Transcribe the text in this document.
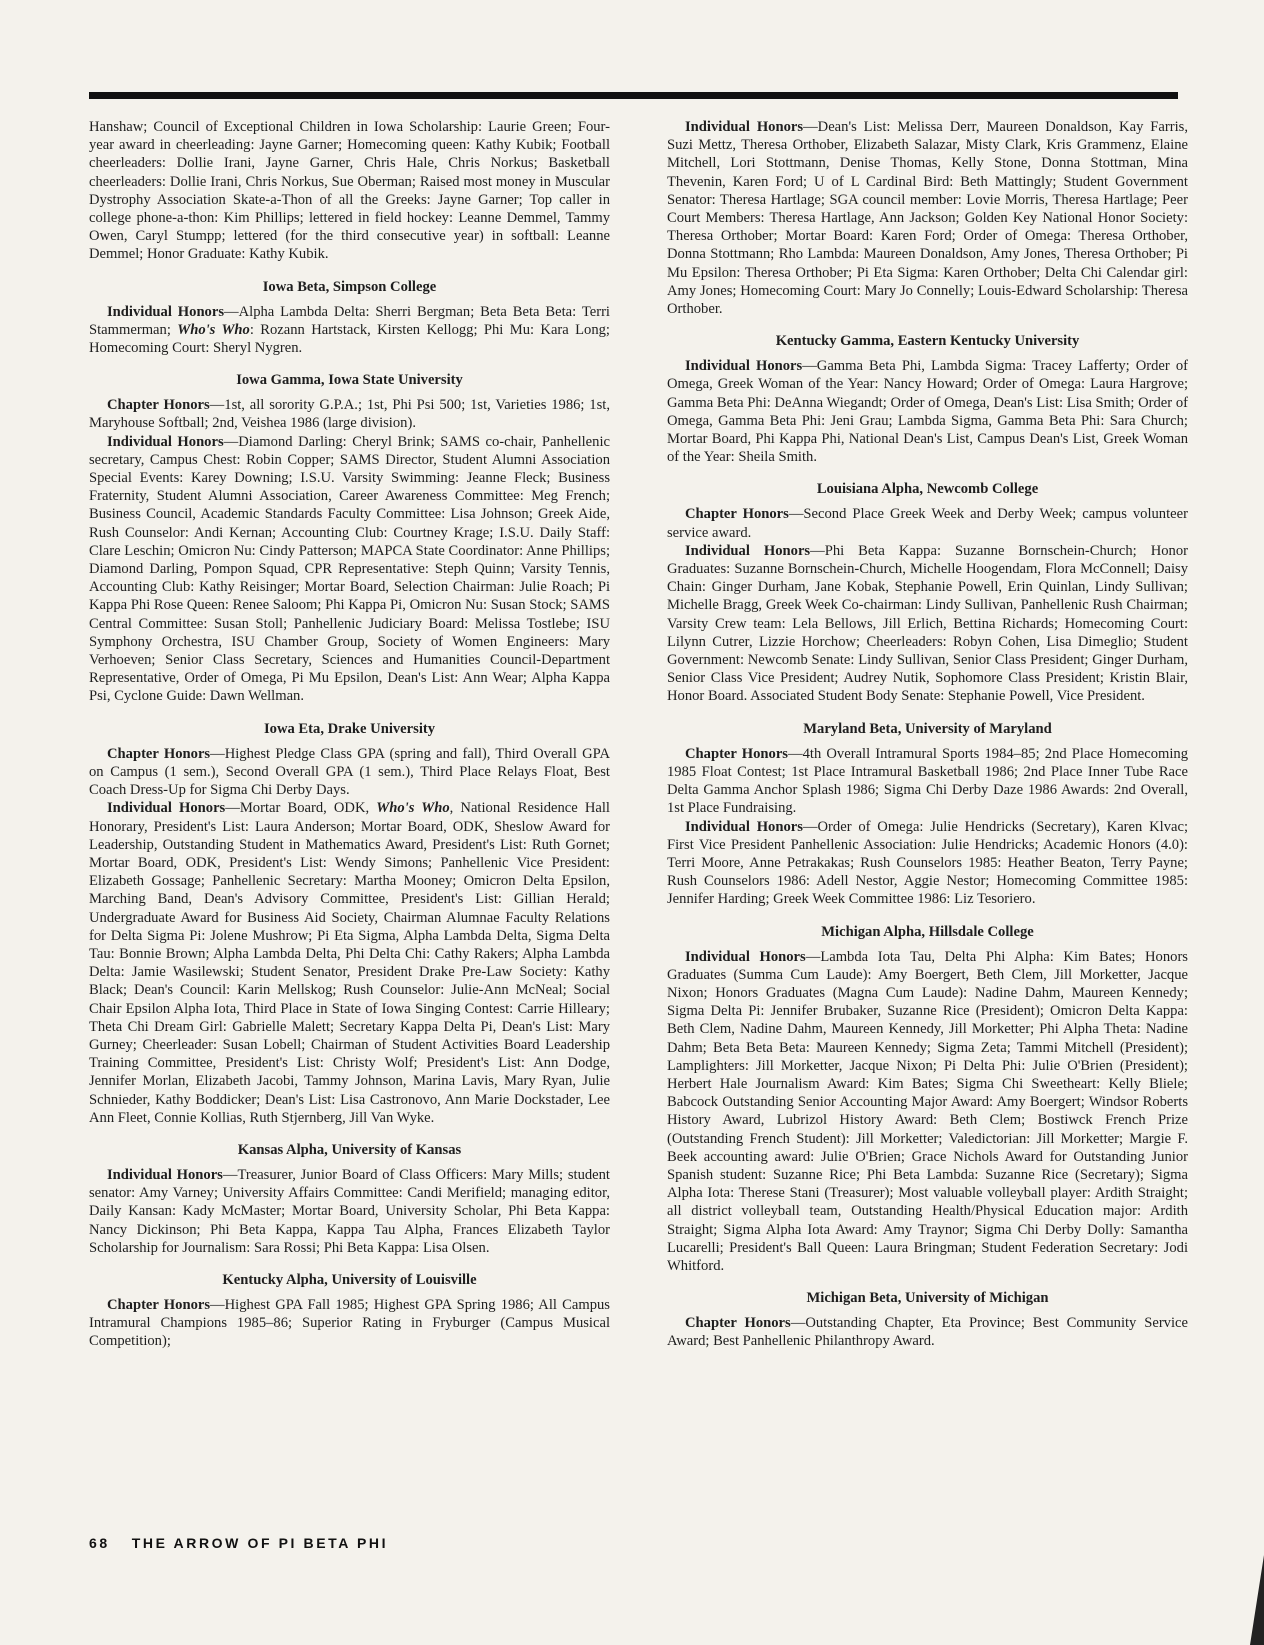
Hanshaw; Council of Exceptional Children in Iowa Scholarship: Laurie Green; Four-year award in cheerleading: Jayne Garner; Homecoming queen: Kathy Kubik; Football cheerleaders: Dollie Irani, Jayne Garner, Chris Hale, Chris Norkus; Basketball cheerleaders: Dollie Irani, Chris Norkus, Sue Oberman; Raised most money in Muscular Dystrophy Association Skate-a-Thon of all the Greeks: Jayne Garner; Top caller in college phone-a-thon: Kim Phillips; lettered in field hockey: Leanne Demmel, Tammy Owen, Caryl Stumpp; lettered (for the third consecutive year) in softball: Leanne Demmel; Honor Graduate: Kathy Kubik.

Iowa Beta, Simpson College

Individual Honors—Alpha Lambda Delta: Sherri Bergman; Beta Beta Beta: Terri Stammerman; Who's Who: Rozann Hartstack, Kirsten Kellogg; Phi Mu: Kara Long; Homecoming Court: Sheryl Nygren.

Iowa Gamma, Iowa State University

Chapter Honors—1st, all sorority G.P.A.; 1st, Phi Psi 500; 1st, Varieties 1986; 1st, Maryhouse Softball; 2nd, Veishea 1986 (large division).

Individual Honors—Diamond Darling: Cheryl Brink; SAMS co-chair, Panhellenic secretary, Campus Chest: Robin Copper; SAMS Director, Student Alumni Association Special Events: Karey Downing; I.S.U. Varsity Swimming: Jeanne Fleck; Business Fraternity, Student Alumni Association, Career Awareness Committee: Meg French; Business Council, Academic Standards Faculty Committee: Lisa Johnson; Greek Aide, Rush Counselor: Andi Kernan; Accounting Club: Courtney Krage; I.S.U. Daily Staff: Clare Leschin; Omicron Nu: Cindy Patterson; MAPCA State Coordinator: Anne Phillips; Diamond Darling, Pompon Squad, CPR Representative: Steph Quinn; Varsity Tennis, Accounting Club: Kathy Reisinger; Mortar Board, Selection Chairman: Julie Roach; Pi Kappa Phi Rose Queen: Renee Saloom; Phi Kappa Pi, Omicron Nu: Susan Stock; SAMS Central Committee: Susan Stoll; Panhellenic Judiciary Board: Melissa Tostlebe; ISU Symphony Orchestra, ISU Chamber Group, Society of Women Engineers: Mary Verhoeven; Senior Class Secretary, Sciences and Humanities Council-Department Representative, Order of Omega, Pi Mu Epsilon, Dean's List: Ann Wear; Alpha Kappa Psi, Cyclone Guide: Dawn Wellman.

Iowa Eta, Drake University

Chapter Honors—Highest Pledge Class GPA (spring and fall), Third Overall GPA on Campus (1 sem.), Second Overall GPA (1 sem.), Third Place Relays Float, Best Coach Dress-Up for Sigma Chi Derby Days.

Individual Honors—Mortar Board, ODK, Who's Who, National Residence Hall Honorary, President's List: Laura Anderson; Mortar Board, ODK, Sheslow Award for Leadership, Outstanding Student in Mathematics Award, President's List: Ruth Gornet; Mortar Board, ODK, President's List: Wendy Simons; Panhellenic Vice President: Elizabeth Gossage; Panhellenic Secretary: Martha Mooney; Omicron Delta Epsilon, Marching Band, Dean's Advisory Committee, President's List: Gillian Herald; Undergraduate Award for Business Aid Society, Chairman Alumnae Faculty Relations for Delta Sigma Pi: Jolene Mushrow; Pi Eta Sigma, Alpha Lambda Delta, Sigma Delta Tau: Bonnie Brown; Alpha Lambda Delta, Phi Delta Chi: Cathy Rakers; Alpha Lambda Delta: Jamie Wasilewski; Student Senator, President Drake Pre-Law Society: Kathy Black; Dean's Council: Karin Mellskog; Rush Counselor: Julie-Ann McNeal; Social Chair Epsilon Alpha Iota, Third Place in State of Iowa Singing Contest: Carrie Hilleary; Theta Chi Dream Girl: Gabrielle Malett; Secretary Kappa Delta Pi, Dean's List: Mary Gurney; Cheerleader: Susan Lobell; Chairman of Student Activities Board Leadership Training Committee, President's List: Christy Wolf; President's List: Ann Dodge, Jennifer Morlan, Elizabeth Jacobi, Tammy Johnson, Marina Lavis, Mary Ryan, Julie Schnieder, Kathy Boddicker; Dean's List: Lisa Castronovo, Ann Marie Dockstader, Lee Ann Fleet, Connie Kollias, Ruth Stjernberg, Jill Van Wyke.

Kansas Alpha, University of Kansas

Individual Honors—Treasurer, Junior Board of Class Officers: Mary Mills; student senator: Amy Varney; University Affairs Committee: Candi Merifield; managing editor, Daily Kansan: Kady McMaster; Mortar Board, University Scholar, Phi Beta Kappa: Nancy Dickinson; Phi Beta Kappa, Kappa Tau Alpha, Frances Elizabeth Taylor Scholarship for Journalism: Sara Rossi; Phi Beta Kappa: Lisa Olsen.

Kentucky Alpha, University of Louisville

Chapter Honors—Highest GPA Fall 1985; Highest GPA Spring 1986; All Campus Intramural Champions 1985–86; Superior Rating in Fryburger (Campus Musical Competition);

Individual Honors—Dean's List: Melissa Derr, Maureen Donaldson, Kay Farris, Suzi Mettz, Theresa Orthober, Elizabeth Salazar, Misty Clark, Kris Grammenz, Elaine Mitchell, Lori Stottmann, Denise Thomas, Kelly Stone, Donna Stottman, Mina Thevenin, Karen Ford; U of L Cardinal Bird: Beth Mattingly; Student Government Senator: Theresa Hartlage; SGA council member: Lovie Morris, Theresa Hartlage; Peer Court Members: Theresa Hartlage, Ann Jackson; Golden Key National Honor Society: Theresa Orthober; Mortar Board: Karen Ford; Order of Omega: Theresa Orthober, Donna Stottmann; Rho Lambda: Maureen Donaldson, Amy Jones, Theresa Orthober; Pi Mu Epsilon: Theresa Orthober; Pi Eta Sigma: Karen Orthober; Delta Chi Calendar girl: Amy Jones; Homecoming Court: Mary Jo Connelly; Louis-Edward Scholarship: Theresa Orthober.

Kentucky Gamma, Eastern Kentucky University

Individual Honors—Gamma Beta Phi, Lambda Sigma: Tracey Lafferty; Order of Omega, Greek Woman of the Year: Nancy Howard; Order of Omega: Laura Hargrove; Gamma Beta Phi: DeAnna Wiegandt; Order of Omega, Dean's List: Lisa Smith; Order of Omega, Gamma Beta Phi: Jeni Grau; Lambda Sigma, Gamma Beta Phi: Sara Church; Mortar Board, Phi Kappa Phi, National Dean's List, Campus Dean's List, Greek Woman of the Year: Sheila Smith.

Louisiana Alpha, Newcomb College

Chapter Honors—Second Place Greek Week and Derby Week; campus volunteer service award.

Individual Honors—Phi Beta Kappa: Suzanne Bornschein-Church; Honor Graduates: Suzanne Bornschein-Church, Michelle Hoogendam, Flora McConnell; Daisy Chain: Ginger Durham, Jane Kobak, Stephanie Powell, Erin Quinlan, Lindy Sullivan; Michelle Bragg, Greek Week Co-chairman: Lindy Sullivan, Panhellenic Rush Chairman; Varsity Crew team: Lela Bellows, Jill Erlich, Bettina Richards; Homecoming Court: Lilynn Cutrer, Lizzie Horchow; Cheerleaders: Robyn Cohen, Lisa Dimeglio; Student Government: Newcomb Senate: Lindy Sullivan, Senior Class President; Ginger Durham, Senior Class Vice President; Audrey Nutik, Sophomore Class President; Kristin Blair, Honor Board. Associated Student Body Senate: Stephanie Powell, Vice President.

Maryland Beta, University of Maryland

Chapter Honors—4th Overall Intramural Sports 1984–85; 2nd Place Homecoming 1985 Float Contest; 1st Place Intramural Basketball 1986; 2nd Place Inner Tube Race Delta Gamma Anchor Splash 1986; Sigma Chi Derby Daze 1986 Awards: 2nd Overall, 1st Place Fundraising.

Individual Honors—Order of Omega: Julie Hendricks (Secretary), Karen Klvac; First Vice President Panhellenic Association: Julie Hendricks; Academic Honors (4.0): Terri Moore, Anne Petrakakas; Rush Counselors 1985: Heather Beaton, Terry Payne; Rush Counselors 1986: Adell Nestor, Aggie Nestor; Homecoming Committee 1985: Jennifer Harding; Greek Week Committee 1986: Liz Tesoriero.

Michigan Alpha, Hillsdale College

Individual Honors—Lambda Iota Tau, Delta Phi Alpha: Kim Bates; Honors Graduates (Summa Cum Laude): Amy Boergert, Beth Clem, Jill Morketter, Jacque Nixon; Honors Graduates (Magna Cum Laude): Nadine Dahm, Maureen Kennedy; Sigma Delta Pi: Jennifer Brubaker, Suzanne Rice (President); Omicron Delta Kappa: Beth Clem, Nadine Dahm, Maureen Kennedy, Jill Morketter; Phi Alpha Theta: Nadine Dahm; Beta Beta Beta: Maureen Kennedy; Sigma Zeta; Tammi Mitchell (President); Lamplighters: Jill Morketter, Jacque Nixon; Pi Delta Phi: Julie O'Brien (President); Herbert Hale Journalism Award: Kim Bates; Sigma Chi Sweetheart: Kelly Bliele; Babcock Outstanding Senior Accounting Major Award: Amy Boergert; Windsor Roberts History Award, Lubrizol History Award: Beth Clem; Bostiwck French Prize (Outstanding French Student): Jill Morketter; Valedictorian: Jill Morketter; Margie F. Beek accounting award: Julie O'Brien; Grace Nichols Award for Outstanding Junior Spanish student: Suzanne Rice; Phi Beta Lambda: Suzanne Rice (Secretary); Sigma Alpha Iota: Therese Stani (Treasurer); Most valuable volleyball player: Ardith Straight; all district volleyball team, Outstanding Health/Physical Education major: Ardith Straight; Sigma Alpha Iota Award: Amy Traynor; Sigma Chi Derby Dolly: Samantha Lucarelli; President's Ball Queen: Laura Bringman; Student Federation Secretary: Jodi Whitford.

Michigan Beta, University of Michigan

Chapter Honors—Outstanding Chapter, Eta Province; Best Community Service Award; Best Panhellenic Philanthropy Award.

68 THE ARROW OF PI BETA PHI
